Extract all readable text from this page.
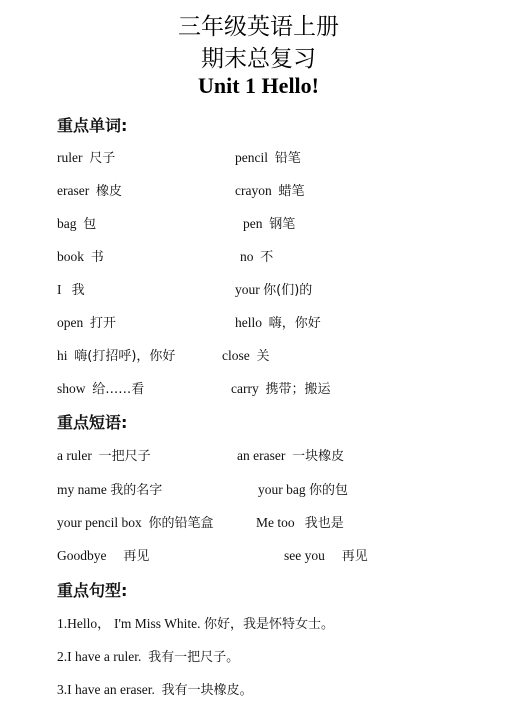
三年级英语上册
期末总复习
Unit 1 Hello!
重点单词:
ruler 尺子	pencil 铅笔
eraser 橡皮	crayon 蜡笔
bag 包	pen 钢笔
book 书	no 不
I 我	your 你(们)的
open 打开	hello 嗨，你好
hi 嗨(打招呼)，你好	close 关
show 给……看	carry 携带；搬运
重点短语:
a ruler 一把尺子	an eraser 一块橡皮
my name 我的名字	your bag 你的包
your pencil box 你的铅笔盒	Me too 我也是
Goodbye 再见	see you 再见
重点句型:
1.Hello， I'm Miss White. 你好，我是怀特女士。
2.I have a ruler. 我有一把尺子。
3.I have an eraser. 我有一块橡皮。
